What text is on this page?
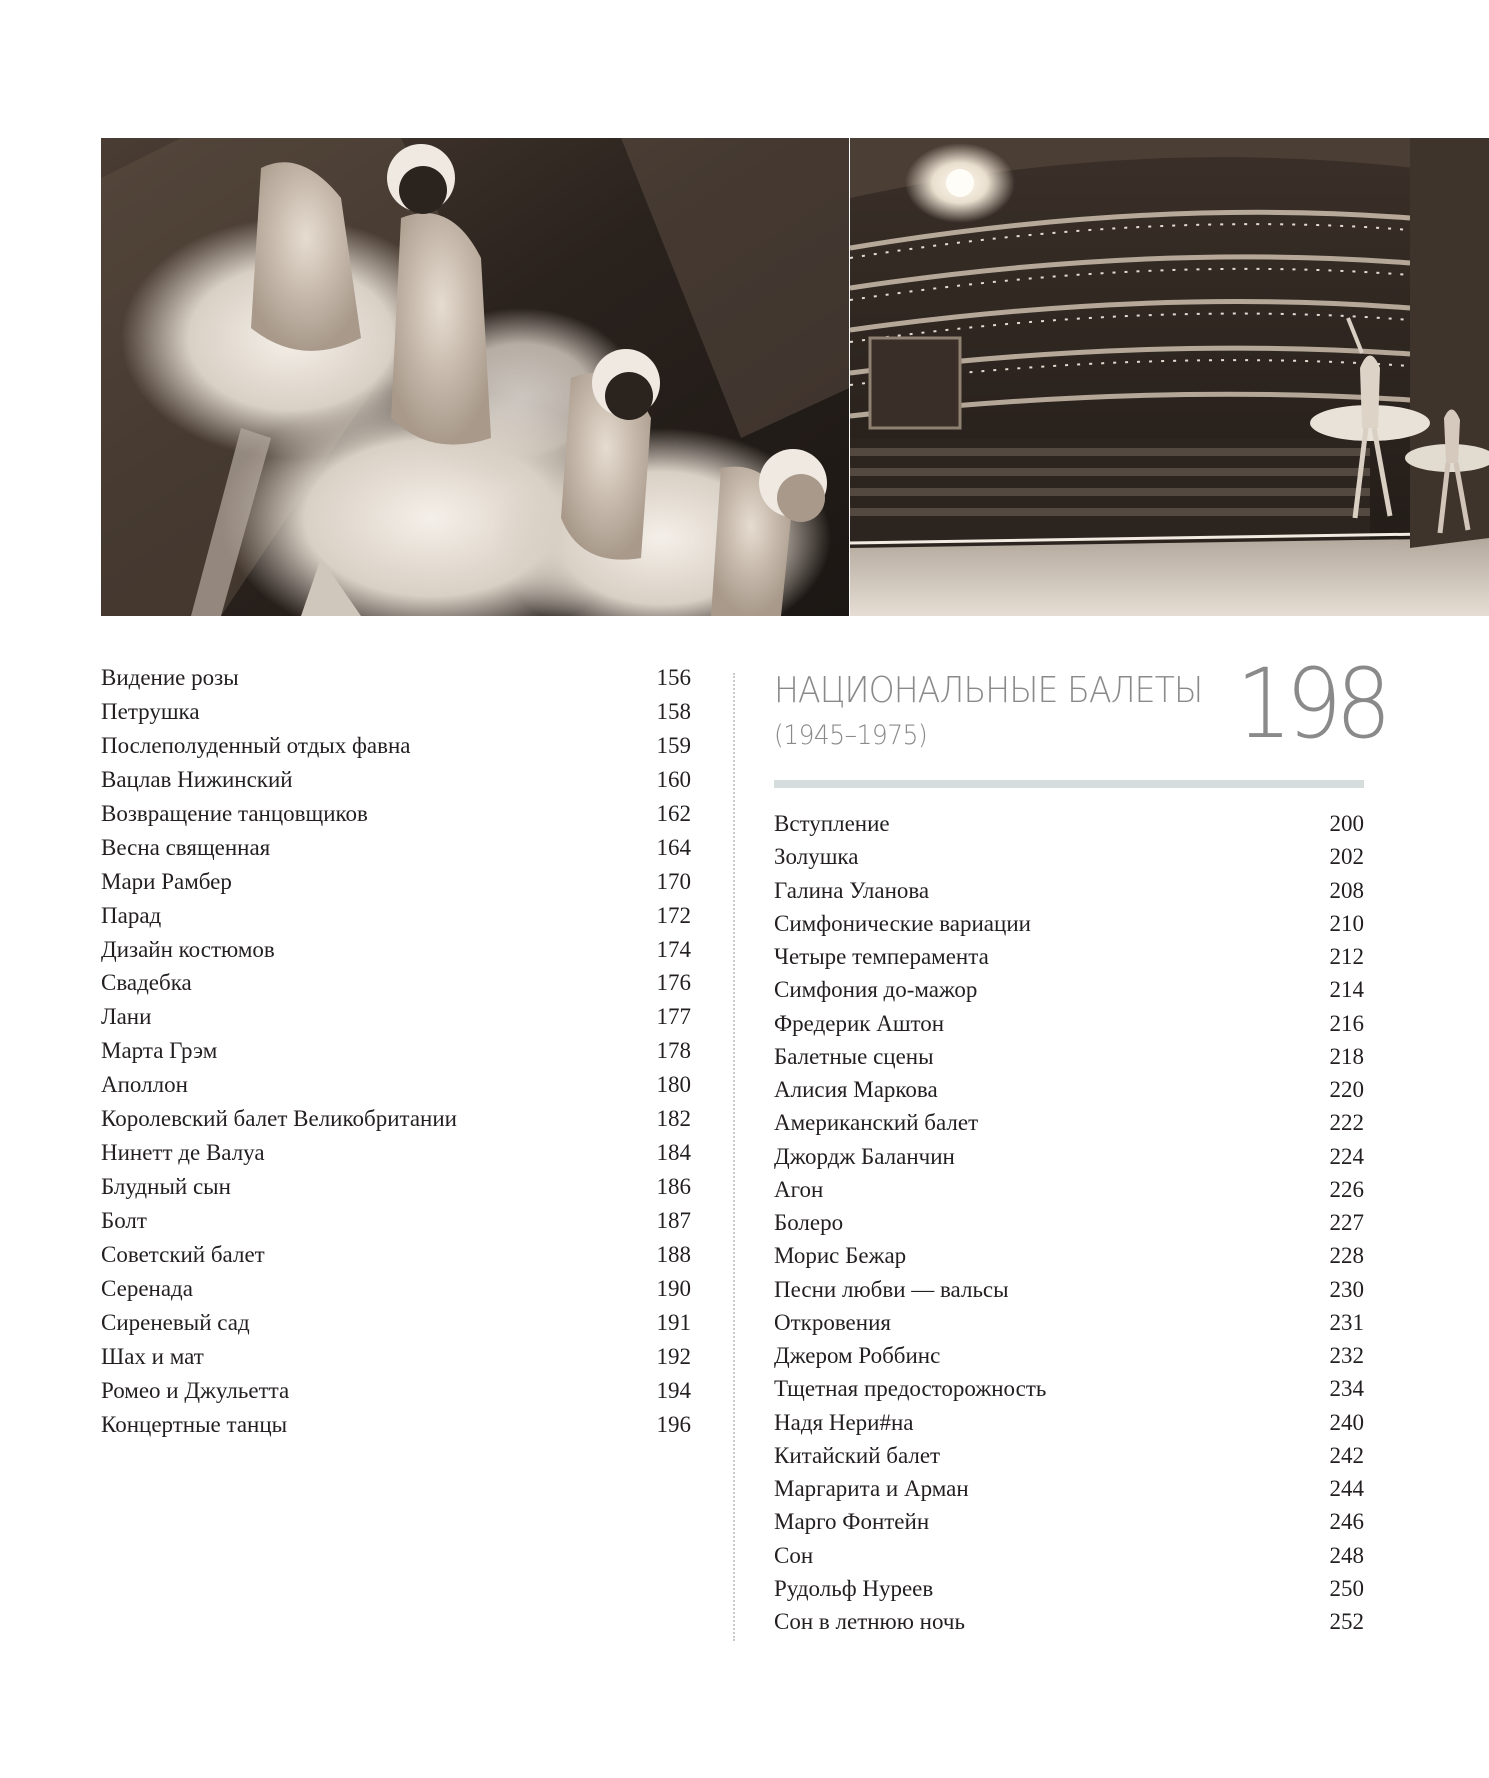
Видение розы	156
Петрушка	158
Послеполуденный отдых фавна	159
Вацлав Нижинский	160
Возвращение танцовщиков	162
Весна священная	164
Мари Рамбер	170
Парад	172
Дизайн костюмов	174
Свадебка	176
Лани	177
Марта Грэм	178
Аполлон	180
Королевский балет Великобритании	182
Нинетт де Валуа	184
Блудный сын	186
Болт	187
Советский балет	188
Серенада	190
Сиреневый сад	191
Шах и мат	192
Ромео и Джульетта	194
Концертные танцы	196
НАЦИОНАЛЬНЫЕ БАЛЕТЫ
(1945–1975)	198
Вступление	200
Золушка	202
Галина Уланова	208
Симфонические вариации	210
Четыре темперамента	212
Симфония до-мажор	214
Фредерик Аштон	216
Балетные сцены	218
Алисия Маркова	220
Американский балет	222
Джордж Баланчин	224
Агон	226
Болеро	227
Морис Бежар	228
Песни любви — вальсы	230
Откровения	231
Джером Роббинс	232
Тщетная предосторожность	234
Надя Нери#на	240
Китайский балет	242
Маргарита и Арман	244
Марго Фонтейн	246
Сон	248
Рудольф Нуреев	250
Сон в летнюю ночь	252
